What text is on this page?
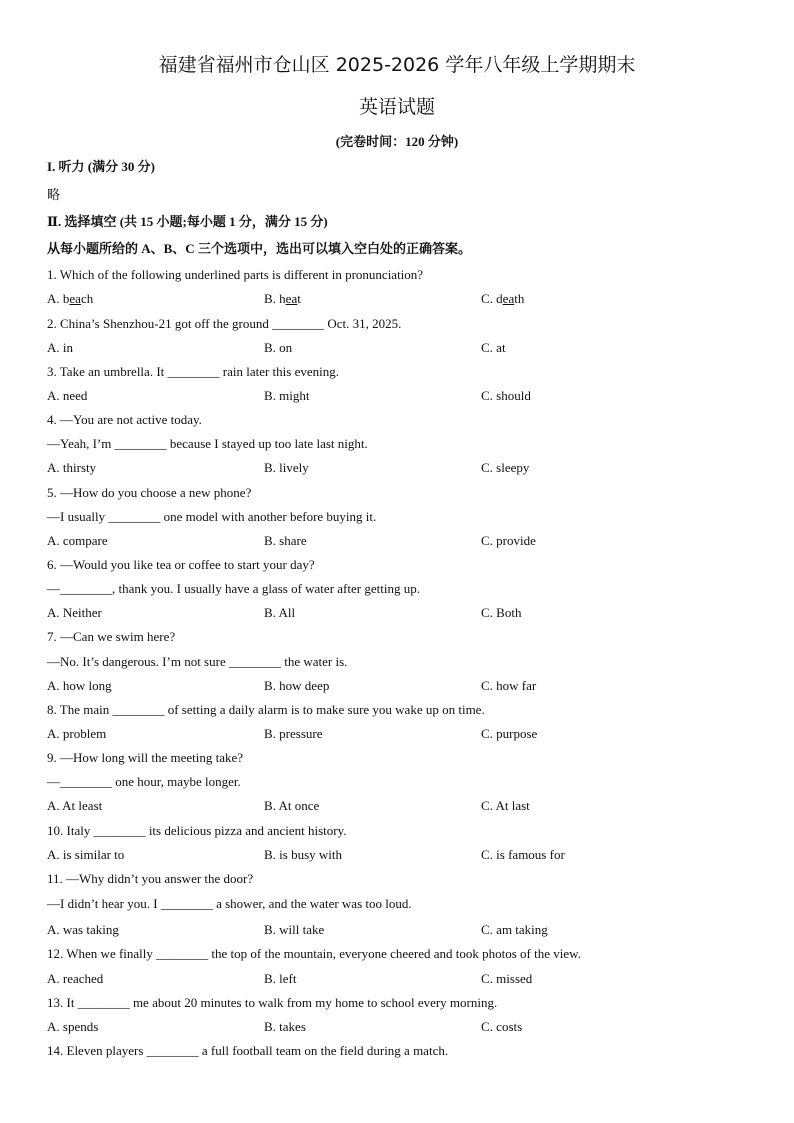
福建省福州市仓山区 2025-2026 学年八年级上学期期末
英语试题
(完卷时间：120 分钟)
I. 听力 (满分 30 分)
略
Ⅱ. 选择填空 (共 15 小题;每小题 1 分，满分 15 分)
从每小题所给的 A、B、C 三个选项中，选出可以填入空白处的正确答案。
1. Which of the following underlined parts is different in pronunciation?
A. beach	B. heat	C. death
2. China’s Shenzhou-21 got off the ground ________ Oct. 31, 2025.
A. in	B. on	C. at
3. Take an umbrella. It ________ rain later this evening.
A. need	B. might	C. should
4. —You are not active today.
—Yeah, I’m ________ because I stayed up too late last night.
A. thirsty	B. lively	C. sleepy
5. —How do you choose a new phone?
—I usually ________ one model with another before buying it.
A. compare	B. share	C. provide
6. —Would you like tea or coffee to start your day?
—________, thank you. I usually have a glass of water after getting up.
A. Neither	B. All	C. Both
7. —Can we swim here?
—No. It’s dangerous. I’m not sure ________ the water is.
A. how long	B. how deep	C. how far
8. The main ________ of setting a daily alarm is to make sure you wake up on time.
A. problem	B. pressure	C. purpose
9. —How long will the meeting take?
—________ one hour, maybe longer.
A. At least	B. At once	C. At last
10. Italy ________ its delicious pizza and ancient history.
A. is similar to	B. is busy with	C. is famous for
11. —Why didn’t you answer the door?
—I didn’t hear you. I ________ a shower, and the water was too loud.
A. was taking	B. will take	C. am taking
12. When we finally ________ the top of the mountain, everyone cheered and took photos of the view.
A. reached	B. left	C. missed
13. It ________ me about 20 minutes to walk from my home to school every morning.
A. spends	B. takes	C. costs
14. Eleven players ________ a full football team on the field during a match.
